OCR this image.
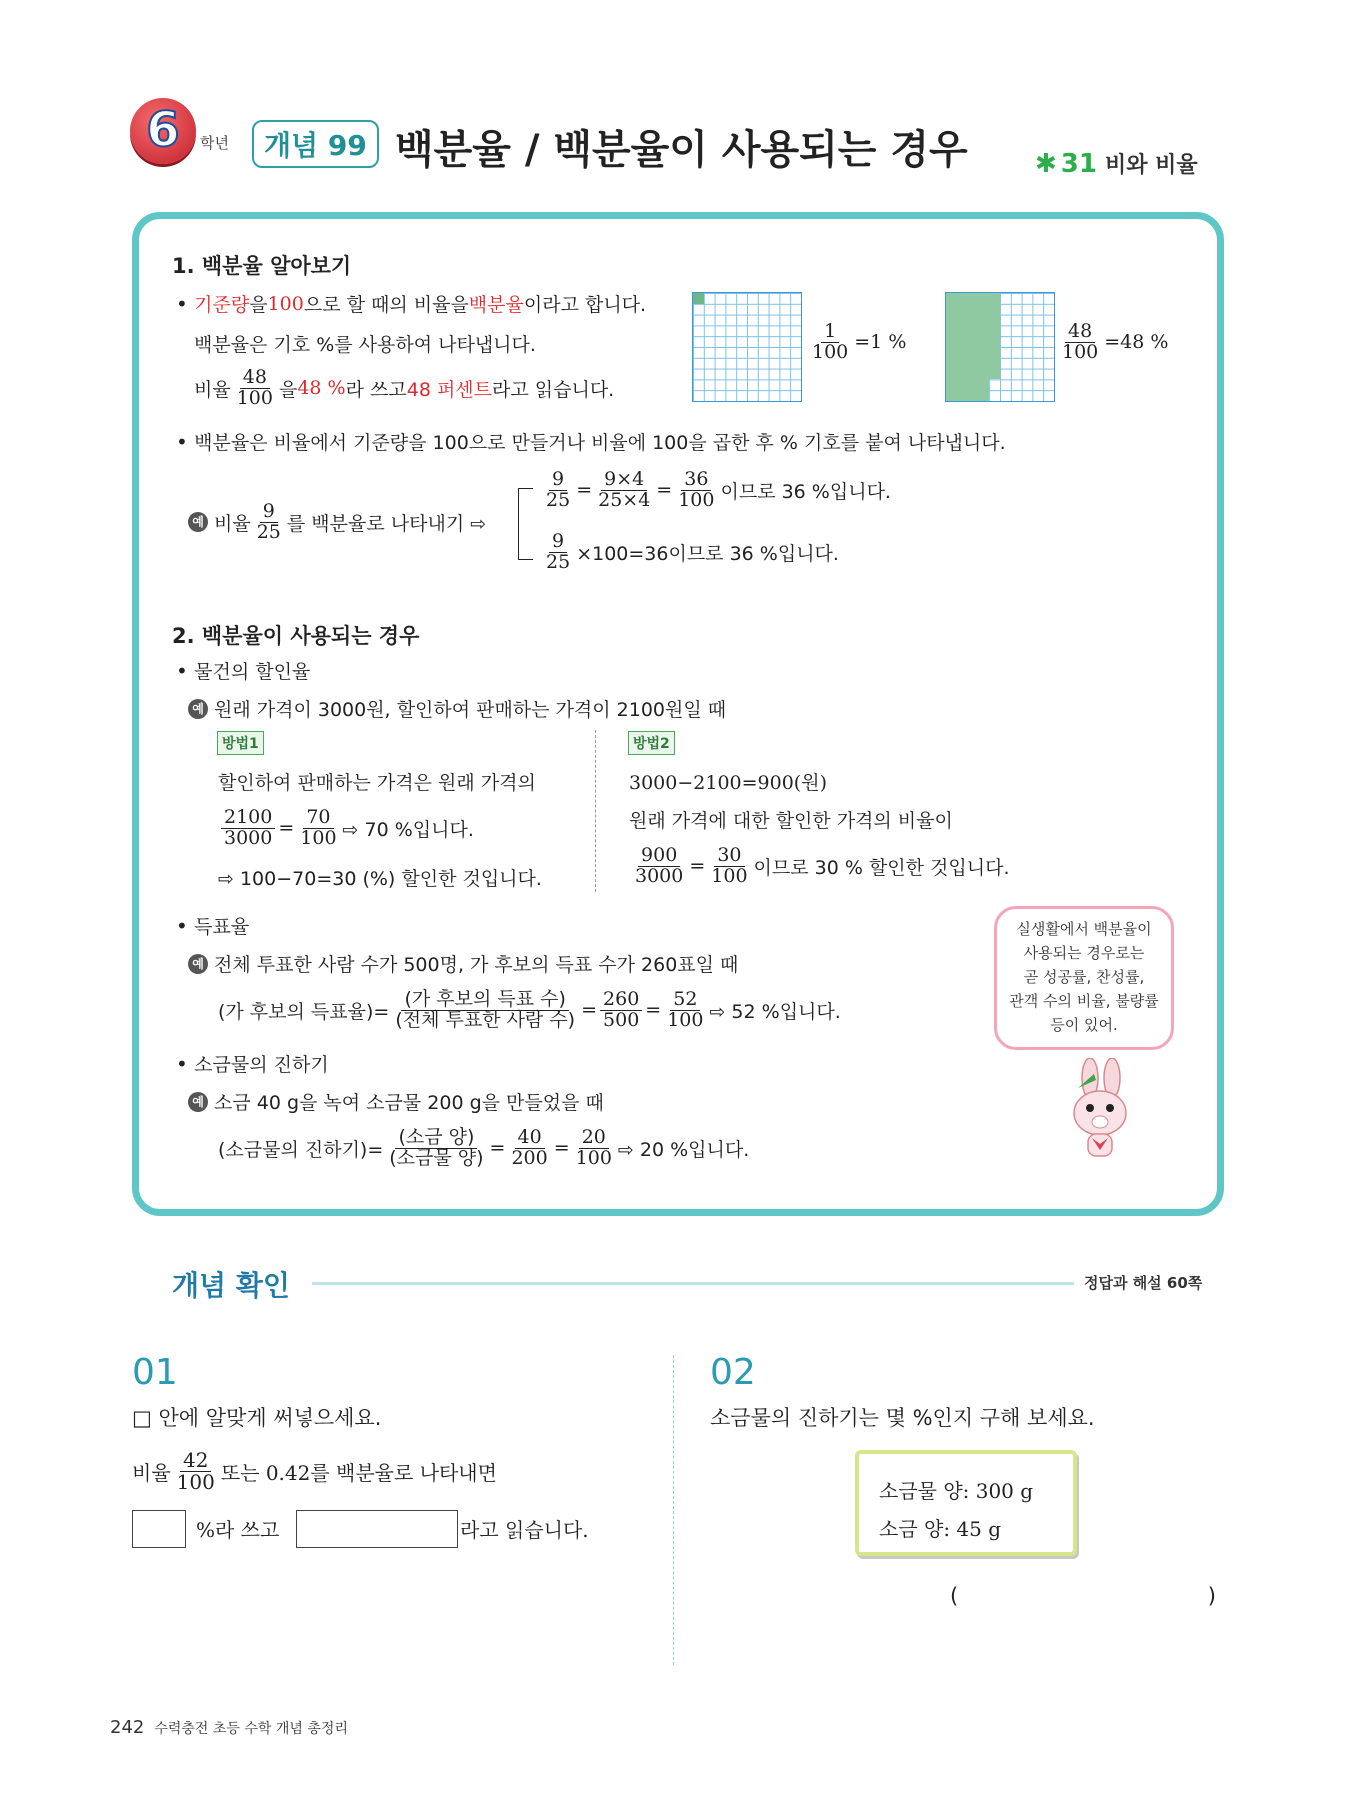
6	학년	개념 99 백분율 / 백분율이 사용되는 경우	✱ 31 비와 비율
1. 백분율 알아보기
• 기준량 을 100 으로 할 때의 비율을 백분율 이라고 합니다.
백분율은 기호 %를 사용하여 나타냅니다.
비율 $\frac{48}{100}$ 을 48 % 라 쓰고 48 퍼센트 라고 읽습니다.
$\frac{1}{100} =1$ %	$\frac{48}{100} =48$ %
• 백분율은 비율에서 기준량을 100으로 만들거나 비율에 100을 곱한 후 % 기호를 붙여 나타냅니다.
예 비율 $\frac{9}{25}$ 를 백분율로 나타내기 ⇨
$\frac{9}{25} = \frac{9\times 4}{25\times 4} = \frac{36}{100}$ 이므로 36 %입니다.
$\frac{9}{25} \times 100=36$이므로 36 %입니다.
2. 백분율이 사용되는 경우
• 물건의 할인율
예 원래 가격이 3000원, 할인하여 판매하는 가격이 2100원일 때
방법1
할인하여 판매하는 가격은 원래 가격의
$\frac{2100}{3000} = \frac{70}{100}$ ⇨ 70 %입니다.
⇨ 100−70=30 (%) 할인한 것입니다.
방법2
3000−2100=900(원)
원래 가격에 대한 할인한 가격의 비율이
$\frac{900}{3000} = \frac{30}{100}$ 이므로 30 % 할인한 것입니다.
• 득표율
예 전체 투표한 사람 수가 500명, 가 후보의 득표 수가 260표일 때
(가 후보의 득표율)= $\frac{\text{(가 후보의 득표 수)}}{\text{(전체 투표한 사람 수)}} = \frac{260}{500} = \frac{52}{100}$ ⇨ 52 %입니다.
• 소금물의 진하기
예 소금 40 g을 녹여 소금물 200 g을 만들었을 때
(소금물의 진하기)= $\frac{\text{(소금 양)}}{\text{(소금물 양)}} = \frac{40}{200} = \frac{20}{100}$ ⇨ 20 %입니다.
실생활에서 백분율이
사용되는 경우로는
곧 성공률, 찬성률,
관객 수의 비율, 불량률
등이 있어.
개념 확인	정답과 해설 60쪽
01
□ 안에 알맞게 써넣으세요.
비율 $\frac{42}{100}$ 또는 0.42를 백분율로 나타내면
%라 쓰고	라고 읽습니다.
02
소금물의 진하기는 몇 %인지 구해 보세요.
소금물 양: 300 g
소금 양: 45 g
(	)
242 수력충전 초등 수학 개념 총정리
